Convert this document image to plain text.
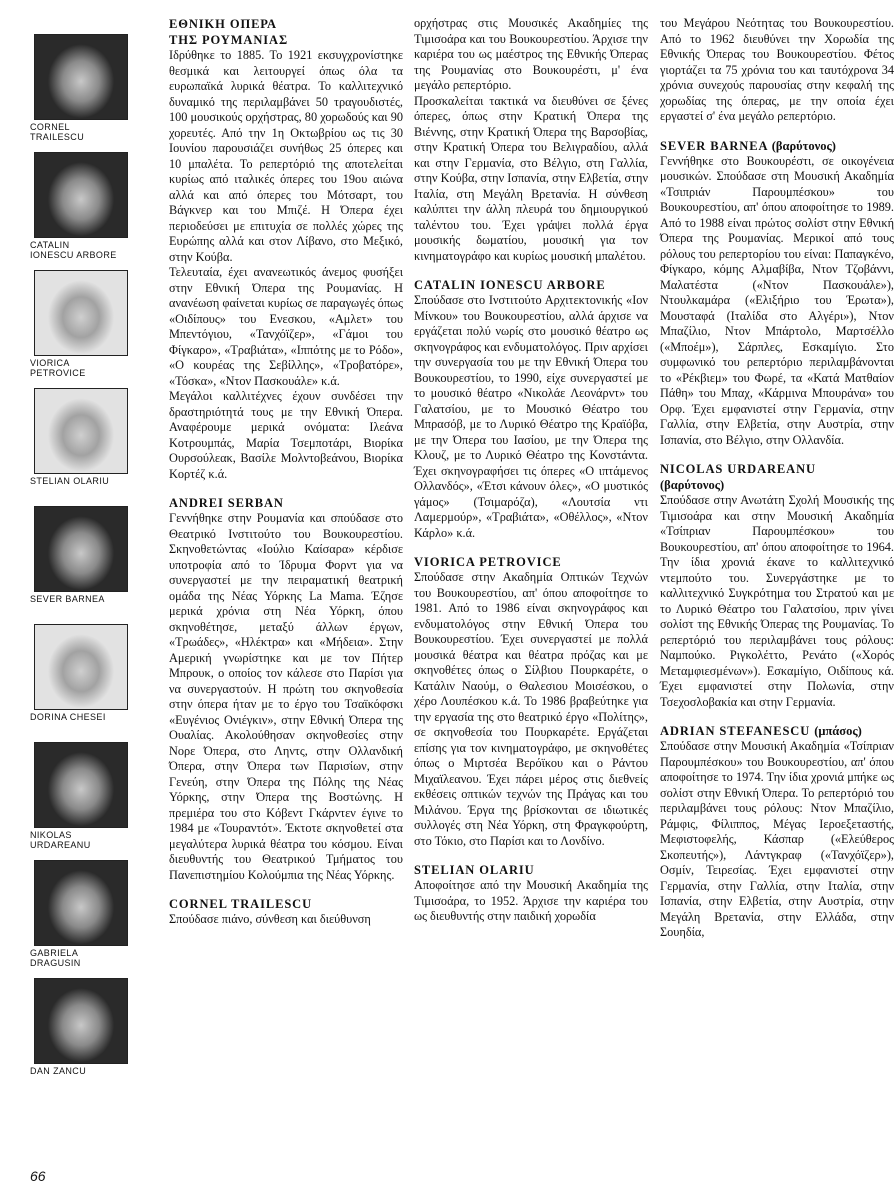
CORNEL
TRAILESCU
CATALIN
IONESCU ARBORE
VIORICA
PETROVICE
STELIAN OLARIU
SEVER BARNEA
DORINA CHESEI
NIKOLAS
URDAREANU
GABRIELA
DRAGUSIN
DAN ZANCU
ΕΘΝΙΚΗ ΟΠΕΡΑ
ΤΗΣ ΡΟΥΜΑΝΙΑΣ

Ιδρύθηκε το 1885. Το 1921 εκσυγχρονίστηκε θεσμικά και λειτουργεί όπως όλα τα ευρωπαϊκά λυρικά θέατρα. Το καλλιτεχνικό δυναμικό της περιλαμβάνει 50 τραγουδιστές, 100 μουσικούς ορχήστρας, 80 χορωδούς και 90 χορευτές. Από την 1η Οκτωβρίου ως τις 30 Ιουνίου παρουσιάζει συνήθως 25 όπερες και 10 μπαλέτα. Το ρεπερτόριό της αποτελείται κυρίως από ιταλικές όπερες του 19ου αιώνα αλλά και από όπερες του Μότσαρτ, του Βάγκνερ και του Μπιζέ. Η Όπερα έχει περιοδεύσει με επιτυχία σε πολλές χώρες της Ευρώπης αλλά και στον Λίβανο, στο Μεξικό, στην Κούβα.

Τελευταία, έχει ανανεωτικός άνεμος φυσήξει στην Εθνική Όπερα της Ρουμανίας. Η ανανέωση φαίνεται κυρίως σε παραγωγές όπως «Οιδίπους» του Ενεσκου, «Αμλετ» του Μπεντόγιου, «Τανχόϊζερ», «Γάμοι του Φίγκαρο», «Τραβιάτα», «Ιππότης με το Ρόδο», «Ο κουρέας της Σεβίλλης», «Τροβατόρε», «Τόσκα», «Ντον Πασκουάλε» κ.ά.

Μεγάλοι καλλιτέχνες έχουν συνδέσει την δραστηριότητά τους με την Εθνική Όπερα. Αναφέρουμε μερικά ονόματα: Ιλεάνα Κοτρουμπάς, Μαρία Τσεμποτάρι, Βιορίκα Ουρσούλεακ, Βασίλε Μολντοβεάνου, Βιορίκα Κορτέζ κ.ά.

ANDREI SERBAN

Γεννήθηκε στην Ρουμανία και σπούδασε στο Θεατρικό Ινστιτούτο του Βουκουρεστίου. Σκηνοθετώντας «Ιούλιο Καίσαρα» κέρδισε υποτροφία από το Ίδρυμα Φορντ για να συνεργαστεί με την πειραματική θεατρική ομάδα της Νέας Υόρκης La Mama. Έζησε μερικά χρόνια στη Νέα Υόρκη, όπου σκηνοθέτησε, μεταξύ άλλων έργων, «Τρωάδες», «Ηλέκτρα» και «Μήδεια». Στην Αμερική γνωρίστηκε και με τον Πήτερ Μπρουκ, ο οποίος τον κάλεσε στο Παρίσι για να συνεργαστούν. Η πρώτη του σκηνοθεσία στην όπερα ήταν με το έργο του Τσαϊκόφσκι «Ευγένιος Ονιέγκιν», στην Εθνική Όπερα της Ουαλίας. Ακολούθησαν σκηνοθεσίες στην Νορε Όπερα, στο Ληντς, στην Ολλανδική Όπερα, στην Όπερα των Παρισίων, στην Γενεύη, στην Όπερα της Πόλης της Νέας Υόρκης, στην Όπερα της Βοστώνης. Η πρεμιέρα του στο Κόβεντ Γκάρντεν έγινε το 1984 με «Τουραντότ». Έκτοτε σκηνοθετεί στα μεγαλύτερα λυρικά θέατρα του κόσμου. Είναι διευθυντής του Θεατρικού Τμήματος του Πανεπιστημίου Κολούμπια της Νέας Υόρκης.

CORNEL TRAILESCU

Σπούδασε πιάνο, σύνθεση και διεύθυνση

ορχήστρας στις Μουσικές Ακαδημίες της Τιμισοάρα και του Βουκουρεστίου. Άρχισε την καριέρα του ως μαέστρος της Εθνικής Όπερας της Ρουμανίας στο Βουκουρέστι, μ' ένα μεγάλο ρεπερτόριο.

Προσκαλείται τακτικά να διευθύνει σε ξένες όπερες, όπως στην Κρατική Όπερα της Βιέννης, στην Κρατική Όπερα της Βαρσοβίας, στην Κρατική Όπερα του Βελιγραδίου, αλλά και στην Γερμανία, στο Βέλγιο, στη Γαλλία, στην Κούβα, στην Ισπανία, στην Ελβετία, στην Ιταλία, στη Μεγάλη Βρετανία. Η σύνθεση καλύπτει την άλλη πλευρά του δημιουργικού ταλέντου του. Έχει γράψει πολλά έργα μουσικής δωματίου, μουσική για τον κινηματογράφο και κυρίως μουσική μπαλέτου.

CATALIN IONESCU ARBORE

Σπούδασε στο Ινστιτούτο Αρχιτεκτονικής «Ιον Μίνκου» του Βουκουρεστίου, αλλά άρχισε να εργάζεται πολύ νωρίς στο μουσικό θέατρο ως σκηνογράφος και ενδυματολόγος. Πριν αρχίσει την συνεργασία του με την Εθνική Όπερα του Βουκουρεστίου, το 1990, είχε συνεργαστεί με το μουσικό θέατρο «Νικολάε Λεονάρντ» του Γαλατσίου, με το Μουσικό Θέατρο του Μπρασόβ, με το Λυρικό Θέατρο της Κραϊόβα, με την Όπερα του Ιασίου, με την Όπερα της Κλουζ, με το Λυρικό Θέατρο της Κονστάντα. Έχει σκηνογραφήσει τις όπερες «Ο ιπτάμενος Ολλανδός», «Έτσι κάνουν όλες», «Ο μυστικός γάμος» (Τσιμαρόζα), «Λουτσία ντι Λαμερμούρ», «Τραβιάτα», «Οθέλλος», «Ντον Κάρλο» κ.ά.

VIORICA PETROVICE

Σπούδασε στην Ακαδημία Οπτικών Τεχνών του Βουκουρεστίου, απ' όπου αποφοίτησε το 1981. Από το 1986 είναι σκηνογράφος και ενδυματολόγος στην Εθνική Όπερα του Βουκουρεστίου. Έχει συνεργαστεί με πολλά μουσικά θέατρα και θέατρα πρόζας και με σκηνοθέτες όπως ο Σίλβιου Πουρκαρέτε, ο Κατάλιν Ναούμ, ο Θαλεσιου Μοισέσκου, ο χέρο Λουπέσκου κ.ά. Το 1986 βραβεύτηκε για την εργασία της στο θεατρικό έργο «Πολίτης», σε σκηνοθεσία του Πουρκαρέτε. Εργάζεται επίσης για τον κινηματογράφο, με σκηνοθέτες όπως ο Μιρτσέα Βερόϊκου και ο Ράντου Μιχαϊλεανου. Έχει πάρει μέρος στις διεθνείς εκθέσεις οπτικών τεχνών της Πράγας και του Μιλάνου. Έργα της βρίσκονται σε ιδιωτικές συλλογές στη Νέα Υόρκη, στη Φραγκφούρτη, στο Τόκιο, στο Παρίσι και το Λονδίνο.

STELIAN OLARIU

Αποφοίτησε από την Μουσική Ακαδημία της Τιμισοάρα, το 1952. Άρχισε την καριέρα του ως διευθυντής στην παιδική χορωδία

του Μεγάρου Νεότητας του Βουκουρεστίου. Από το 1962 διευθύνει την Χορωδία της Εθνικής Όπερας του Βουκουρεστίου. Φέτος γιορτάζει τα 75 χρόνια του και ταυτόχρονα 34 χρόνια συνεχούς παρουσίας στην κεφαλή της χορωδίας της όπερας, με την οποία έχει εργαστεί σ' ένα μεγάλο ρεπερτόριο.

SEVER BARNEA (βαρύτονος)

Γεννήθηκε στο Βουκουρέστι, σε οικογένεια μουσικών. Σπούδασε στη Μουσική Ακαδημία «Τσιπριάν Παρουμπέσκου» του Βουκουρεστίου, απ' όπου αποφοίτησε το 1989. Από το 1988 είναι πρώτος σολίστ στην Εθνική Όπερα της Ρουμανίας. Μερικοί από τους ρόλους του ρεπερτορίου του είναι: Παπαγκένο, Φίγκαρο, κόμης Αλμαβίβα, Ντον Τζοβάννι, Μαλατέστα («Ντον Πασκουάλε»), Ντουλκαμάρα («Ελιξήριο του Έρωτα»), Μουσταφά (Ιταλίδα στο Αλγέρι»), Ντον Μπαζίλιο, Ντον Μπάρτολο, Μαρτσέλλο («Μποέμ»), Σάρπλες, Εσκαμίγιο. Στο συμφωνικό του ρεπερτόριο περιλαμβάνονται το «Ρέκβιεμ» του Φωρέ, τα «Κατά Ματθαίον Πάθη» του Μπαχ, «Κάρμινα Μπουράνα» του Ορφ. Έχει εμφανιστεί στην Γερμανία, στην Γαλλία, στην Ελβετία, στην Αυστρία, στην Ισπανία, στο Βέλγιο, στην Ολλανδία.

NICOLAS URDAREANU
(βαρύτονος)

Σπούδασε στην Ανωτάτη Σχολή Μουσικής της Τιμισοάρα και στην Μουσική Ακαδημία «Τσίπριαν Παρουμπέσκου» του Βουκουρεστίου, απ' όπου αποφοίτησε το 1964. Την ίδια χρονιά έκανε το καλλιτεχνικό ντεμπούτο του. Συνεργάστηκε με το καλλιτεχνικό Συγκρότημα του Στρατού και με το Λυρικό Θέατρο του Γαλατσίου, πριν γίνει σολίστ της Εθνικής Όπερας της Ρουμανίας. Το ρεπερτόριό του περιλαμβάνει τους ρόλους: Ναμπούκο. Ριγκολέττο, Ρενάτο («Χορός Μεταμφιεσμένων»). Εσκαμίγιο, Οιδίπους κά. Έχει εμφανιστεί στην Πολωνία, στην Τσεχοσλοβακία και στην Γερμανία.

ADRIAN STEFANESCU (μπάσος)

Σπούδασε στην Μουσική Ακαδημία «Τσίπριαν Παρουμπέσκου» του Βουκουρεστίου, απ' όπου αποφοίτησε το 1974. Την ίδια χρονιά μπήκε ως σολίστ στην Εθνική Όπερα. Το ρεπερτόριό του περιλαμβάνει τους ρόλους: Ντον Μπαζίλιο, Ράμφις, Φίλιππος, Μέγας Ιεροεξεταστής, Μεφιστοφελής, Κάσπαρ («Ελεύθερος Σκοπευτής»), Λάντγκραφ («Τανχόϊζερ»), Οσμίν, Τειρεσίας. Έχει εμφανιστεί στην Γερμανία, στην Γαλλία, στην Ιταλία, στην Ισπανία, στην Ελβετία, στην Αυστρία, στην Μεγάλη Βρετανία, στην Ελλάδα, στην Σουηδία,

66
